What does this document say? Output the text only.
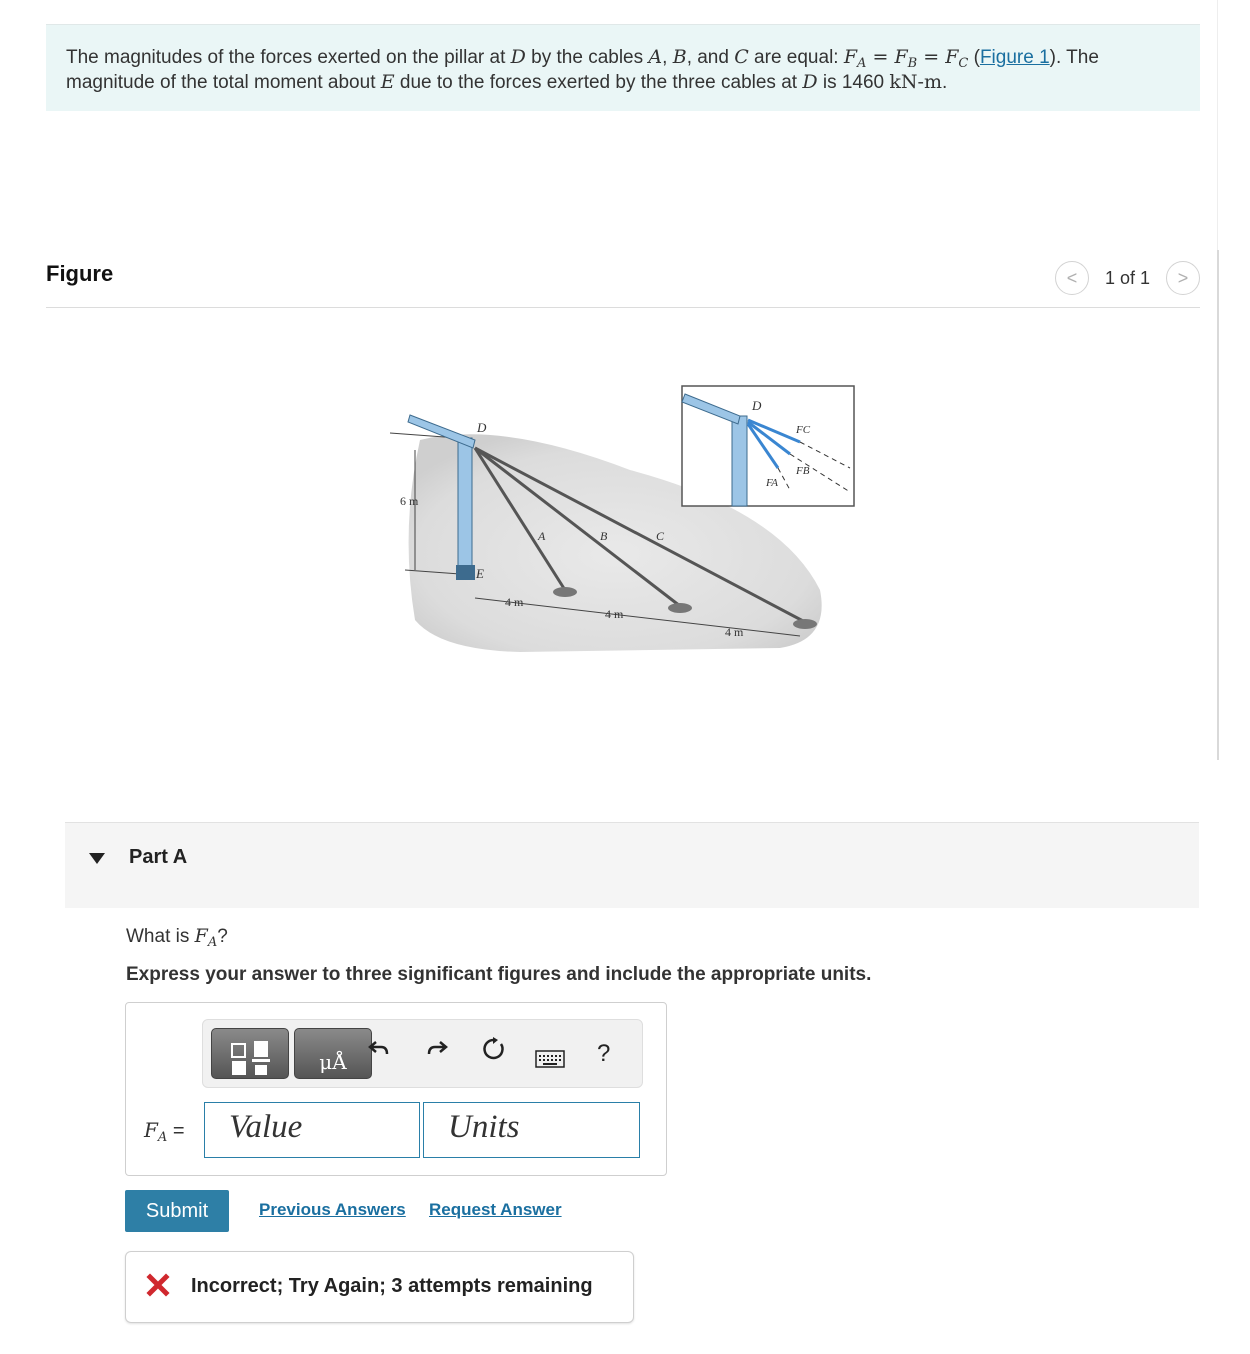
The magnitudes of the forces exerted on the pillar at D by the cables A, B, and C are equal: $F_A = F_B = F_C$ (Figure 1). The
magnitude of the total moment about E due to the forces exerted by the three cables at D is 1460 kN-m.
Figure	< 1 of 1 >
6 m
D
E
A	B	C
4 m
4 m
4 m
D
FC
FB
FA
Part A
What is $F_A$?
Express your answer to three significant figures and include the appropriate units.
μÅ	?
$F_A$ =	Value	Units
Submit	Previous Answers Request Answer
Incorrect; Try Again; 3 attempts remaining
